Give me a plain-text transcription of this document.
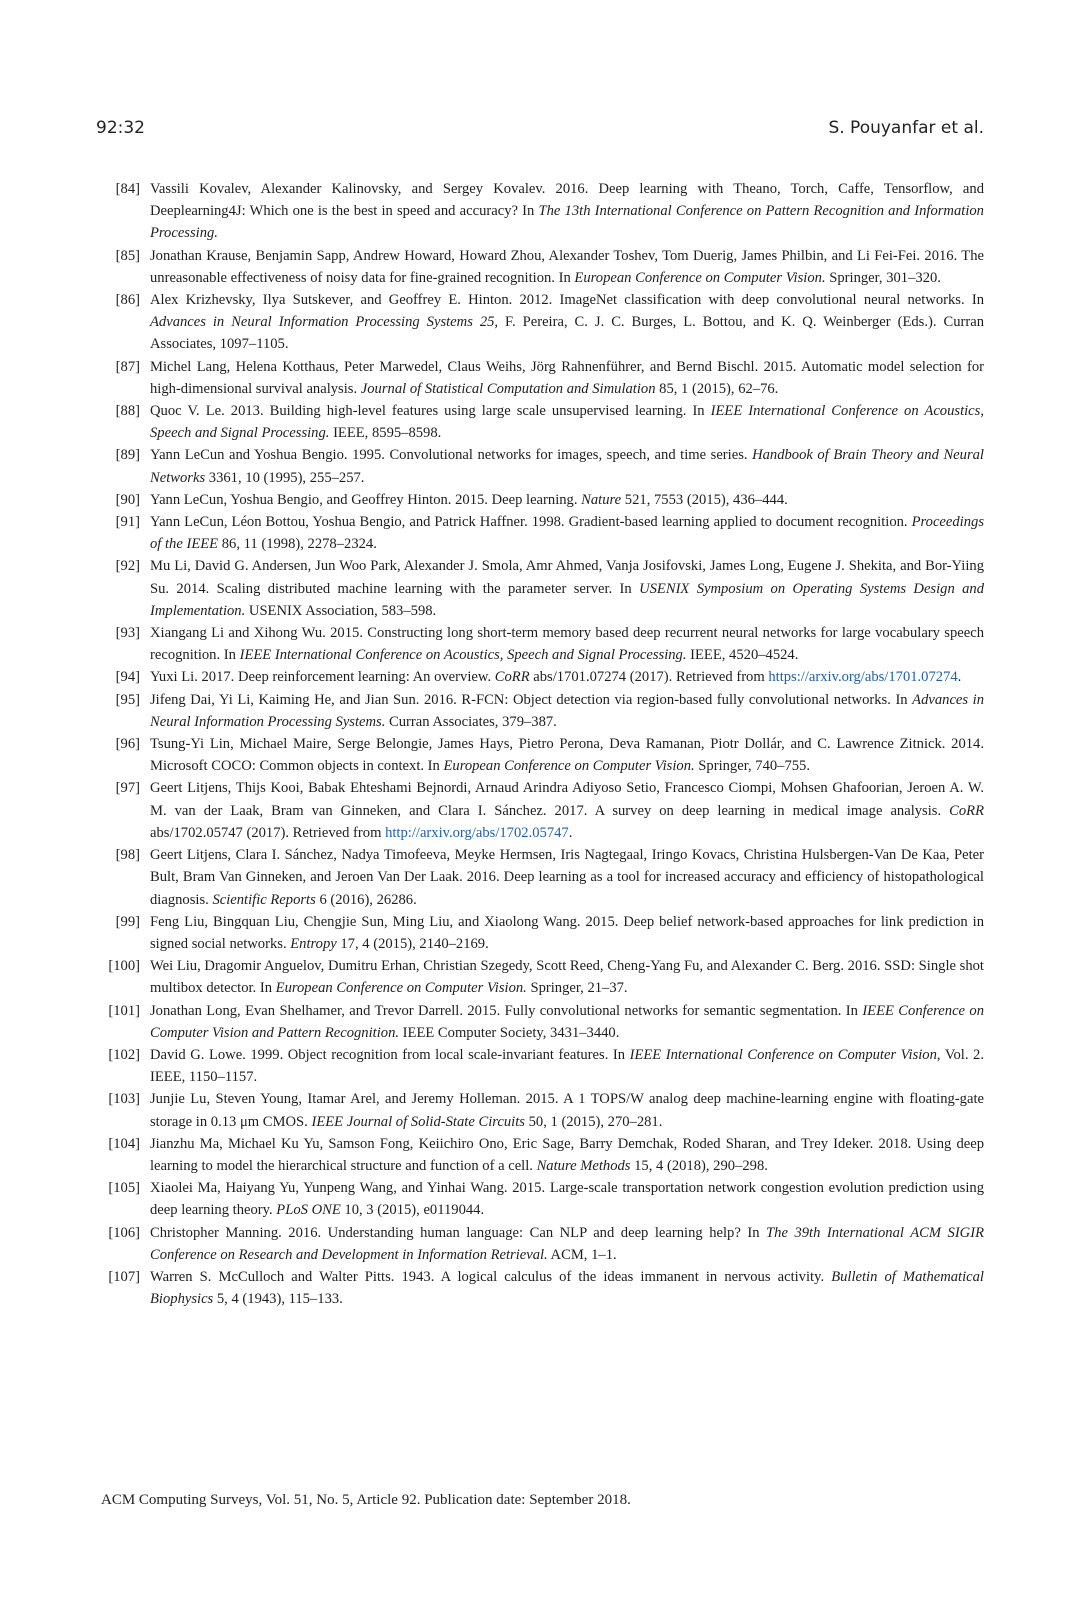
92:32	S. Pouyanfar et al.
[84] Vassili Kovalev, Alexander Kalinovsky, and Sergey Kovalev. 2016. Deep learning with Theano, Torch, Caffe, Tensorflow, and Deeplearning4J: Which one is the best in speed and accuracy? In The 13th International Conference on Pattern Recognition and Information Processing.
[85] Jonathan Krause, Benjamin Sapp, Andrew Howard, Howard Zhou, Alexander Toshev, Tom Duerig, James Philbin, and Li Fei-Fei. 2016. The unreasonable effectiveness of noisy data for fine-grained recognition. In European Conference on Computer Vision. Springer, 301–320.
[86] Alex Krizhevsky, Ilya Sutskever, and Geoffrey E. Hinton. 2012. ImageNet classification with deep convolutional neural networks. In Advances in Neural Information Processing Systems 25, F. Pereira, C. J. C. Burges, L. Bottou, and K. Q. Weinberger (Eds.). Curran Associates, 1097–1105.
[87] Michel Lang, Helena Kotthaus, Peter Marwedel, Claus Weihs, Jörg Rahnenführer, and Bernd Bischl. 2015. Automatic model selection for high-dimensional survival analysis. Journal of Statistical Computation and Simulation 85, 1 (2015), 62–76.
[88] Quoc V. Le. 2013. Building high-level features using large scale unsupervised learning. In IEEE International Conference on Acoustics, Speech and Signal Processing. IEEE, 8595–8598.
[89] Yann LeCun and Yoshua Bengio. 1995. Convolutional networks for images, speech, and time series. Handbook of Brain Theory and Neural Networks 3361, 10 (1995), 255–257.
[90] Yann LeCun, Yoshua Bengio, and Geoffrey Hinton. 2015. Deep learning. Nature 521, 7553 (2015), 436–444.
[91] Yann LeCun, Léon Bottou, Yoshua Bengio, and Patrick Haffner. 1998. Gradient-based learning applied to document recognition. Proceedings of the IEEE 86, 11 (1998), 2278–2324.
[92] Mu Li, David G. Andersen, Jun Woo Park, Alexander J. Smola, Amr Ahmed, Vanja Josifovski, James Long, Eugene J. Shekita, and Bor-Yiing Su. 2014. Scaling distributed machine learning with the parameter server. In USENIX Symposium on Operating Systems Design and Implementation. USENIX Association, 583–598.
[93] Xiangang Li and Xihong Wu. 2015. Constructing long short-term memory based deep recurrent neural networks for large vocabulary speech recognition. In IEEE International Conference on Acoustics, Speech and Signal Processing. IEEE, 4520–4524.
[94] Yuxi Li. 2017. Deep reinforcement learning: An overview. CoRR abs/1701.07274 (2017). Retrieved from https://arxiv.org/abs/1701.07274.
[95] Jifeng Dai, Yi Li, Kaiming He, and Jian Sun. 2016. R-FCN: Object detection via region-based fully convolutional networks. In Advances in Neural Information Processing Systems. Curran Associates, 379–387.
[96] Tsung-Yi Lin, Michael Maire, Serge Belongie, James Hays, Pietro Perona, Deva Ramanan, Piotr Dollár, and C. Lawrence Zitnick. 2014. Microsoft COCO: Common objects in context. In European Conference on Computer Vision. Springer, 740–755.
[97] Geert Litjens, Thijs Kooi, Babak Ehteshami Bejnordi, Arnaud Arindra Adiyoso Setio, Francesco Ciompi, Mohsen Ghafoorian, Jeroen A. W. M. van der Laak, Bram van Ginneken, and Clara I. Sánchez. 2017. A survey on deep learning in medical image analysis. CoRR abs/1702.05747 (2017). Retrieved from http://arxiv.org/abs/1702.05747.
[98] Geert Litjens, Clara I. Sánchez, Nadya Timofeeva, Meyke Hermsen, Iris Nagtegaal, Iringo Kovacs, Christina Hulsbergen-Van De Kaa, Peter Bult, Bram Van Ginneken, and Jeroen Van Der Laak. 2016. Deep learning as a tool for increased accuracy and efficiency of histopathological diagnosis. Scientific Reports 6 (2016), 26286.
[99] Feng Liu, Bingquan Liu, Chengjie Sun, Ming Liu, and Xiaolong Wang. 2015. Deep belief network-based approaches for link prediction in signed social networks. Entropy 17, 4 (2015), 2140–2169.
[100] Wei Liu, Dragomir Anguelov, Dumitru Erhan, Christian Szegedy, Scott Reed, Cheng-Yang Fu, and Alexander C. Berg. 2016. SSD: Single shot multibox detector. In European Conference on Computer Vision. Springer, 21–37.
[101] Jonathan Long, Evan Shelhamer, and Trevor Darrell. 2015. Fully convolutional networks for semantic segmentation. In IEEE Conference on Computer Vision and Pattern Recognition. IEEE Computer Society, 3431–3440.
[102] David G. Lowe. 1999. Object recognition from local scale-invariant features. In IEEE International Conference on Computer Vision, Vol. 2. IEEE, 1150–1157.
[103] Junjie Lu, Steven Young, Itamar Arel, and Jeremy Holleman. 2015. A 1 TOPS/W analog deep machine-learning engine with floating-gate storage in 0.13 μm CMOS. IEEE Journal of Solid-State Circuits 50, 1 (2015), 270–281.
[104] Jianzhu Ma, Michael Ku Yu, Samson Fong, Keiichiro Ono, Eric Sage, Barry Demchak, Roded Sharan, and Trey Ideker. 2018. Using deep learning to model the hierarchical structure and function of a cell. Nature Methods 15, 4 (2018), 290–298.
[105] Xiaolei Ma, Haiyang Yu, Yunpeng Wang, and Yinhai Wang. 2015. Large-scale transportation network congestion evolution prediction using deep learning theory. PLoS ONE 10, 3 (2015), e0119044.
[106] Christopher Manning. 2016. Understanding human language: Can NLP and deep learning help? In The 39th International ACM SIGIR Conference on Research and Development in Information Retrieval. ACM, 1–1.
[107] Warren S. McCulloch and Walter Pitts. 1943. A logical calculus of the ideas immanent in nervous activity. Bulletin of Mathematical Biophysics 5, 4 (1943), 115–133.
ACM Computing Surveys, Vol. 51, No. 5, Article 92. Publication date: September 2018.
